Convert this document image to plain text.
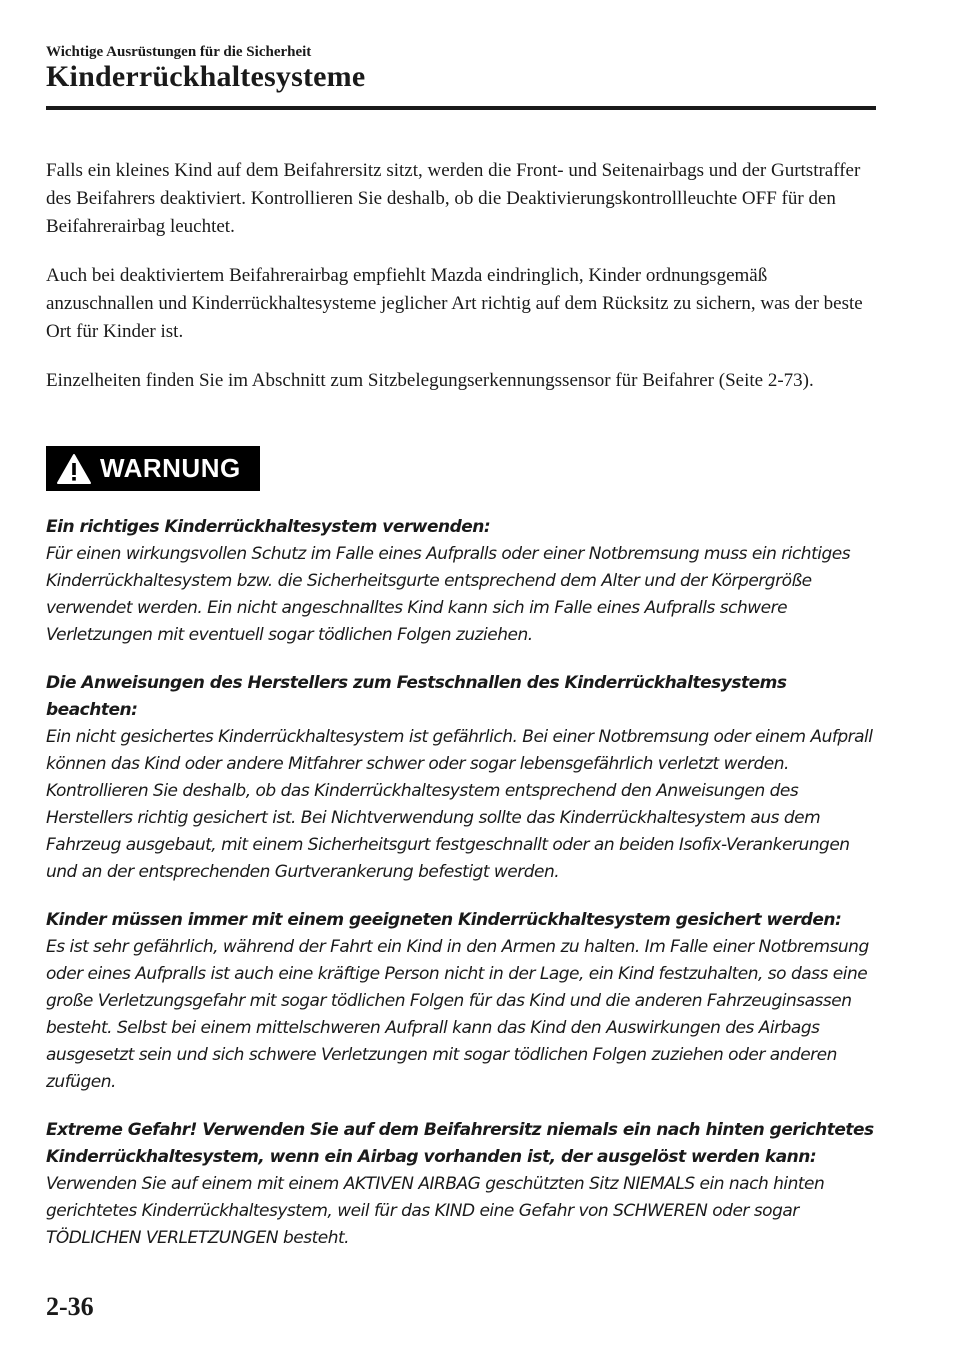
Wichtige Ausrüstungen für die Sicherheit
Kinderrückhaltesysteme

Falls ein kleines Kind auf dem Beifahrersitz sitzt, werden die Front- und Seitenairbags und der Gurtstraffer des Beifahrers deaktiviert. Kontrollieren Sie deshalb, ob die Deaktivierungskontrollleuchte OFF für den Beifahrerairbag leuchtet.

Auch bei deaktiviertem Beifahrerairbag empfiehlt Mazda eindringlich, Kinder ordnungsgemäß anzuschnallen und Kinderrückhaltesysteme jeglicher Art richtig auf dem Rücksitz zu sichern, was der beste Ort für Kinder ist.

Einzelheiten finden Sie im Abschnitt zum Sitzbelegungserkennungssensor für Beifahrer (Seite 2-73).

WARNUNG
Ein richtiges Kinderrückhaltesystem verwenden:
Für einen wirkungsvollen Schutz im Falle eines Aufpralls oder einer Notbremsung muss ein richtiges Kinderrückhaltesystem bzw. die Sicherheitsgurte entsprechend dem Alter und der Körpergröße verwendet werden. Ein nicht angeschnalltes Kind kann sich im Falle eines Aufpralls schwere Verletzungen mit eventuell sogar tödlichen Folgen zuziehen.
Die Anweisungen des Herstellers zum Festschnallen des Kinderrückhaltesystems beachten:
Ein nicht gesichertes Kinderrückhaltesystem ist gefährlich. Bei einer Notbremsung oder einem Aufprall können das Kind oder andere Mitfahrer schwer oder sogar lebensgefährlich verletzt werden. Kontrollieren Sie deshalb, ob das Kinderrückhaltesystem entsprechend den Anweisungen des Herstellers richtig gesichert ist. Bei Nichtverwendung sollte das Kinderrückhaltesystem aus dem Fahrzeug ausgebaut, mit einem Sicherheitsgurt festgeschnallt oder an beiden Isofix-Verankerungen und an der entsprechenden Gurtverankerung befestigt werden.
Kinder müssen immer mit einem geeigneten Kinderrückhaltesystem gesichert werden:
Es ist sehr gefährlich, während der Fahrt ein Kind in den Armen zu halten. Im Falle einer Notbremsung oder eines Aufpralls ist auch eine kräftige Person nicht in der Lage, ein Kind festzuhalten, so dass eine große Verletzungsgefahr mit sogar tödlichen Folgen für das Kind und die anderen Fahrzeuginsassen besteht. Selbst bei einem mittelschweren Aufprall kann das Kind den Auswirkungen des Airbags ausgesetzt sein und sich schwere Verletzungen mit sogar tödlichen Folgen zuziehen oder anderen zufügen.
Extreme Gefahr! Verwenden Sie auf dem Beifahrersitz niemals ein nach hinten gerichtetes Kinderrückhaltesystem, wenn ein Airbag vorhanden ist, der ausgelöst werden kann:
Verwenden Sie auf einem mit einem AKTIVEN AIRBAG geschützten Sitz NIEMALS ein nach hinten gerichtetes Kinderrückhaltesystem, weil für das KIND eine Gefahr von SCHWEREN oder sogar TÖDLICHEN VERLETZUNGEN besteht.
2-36
